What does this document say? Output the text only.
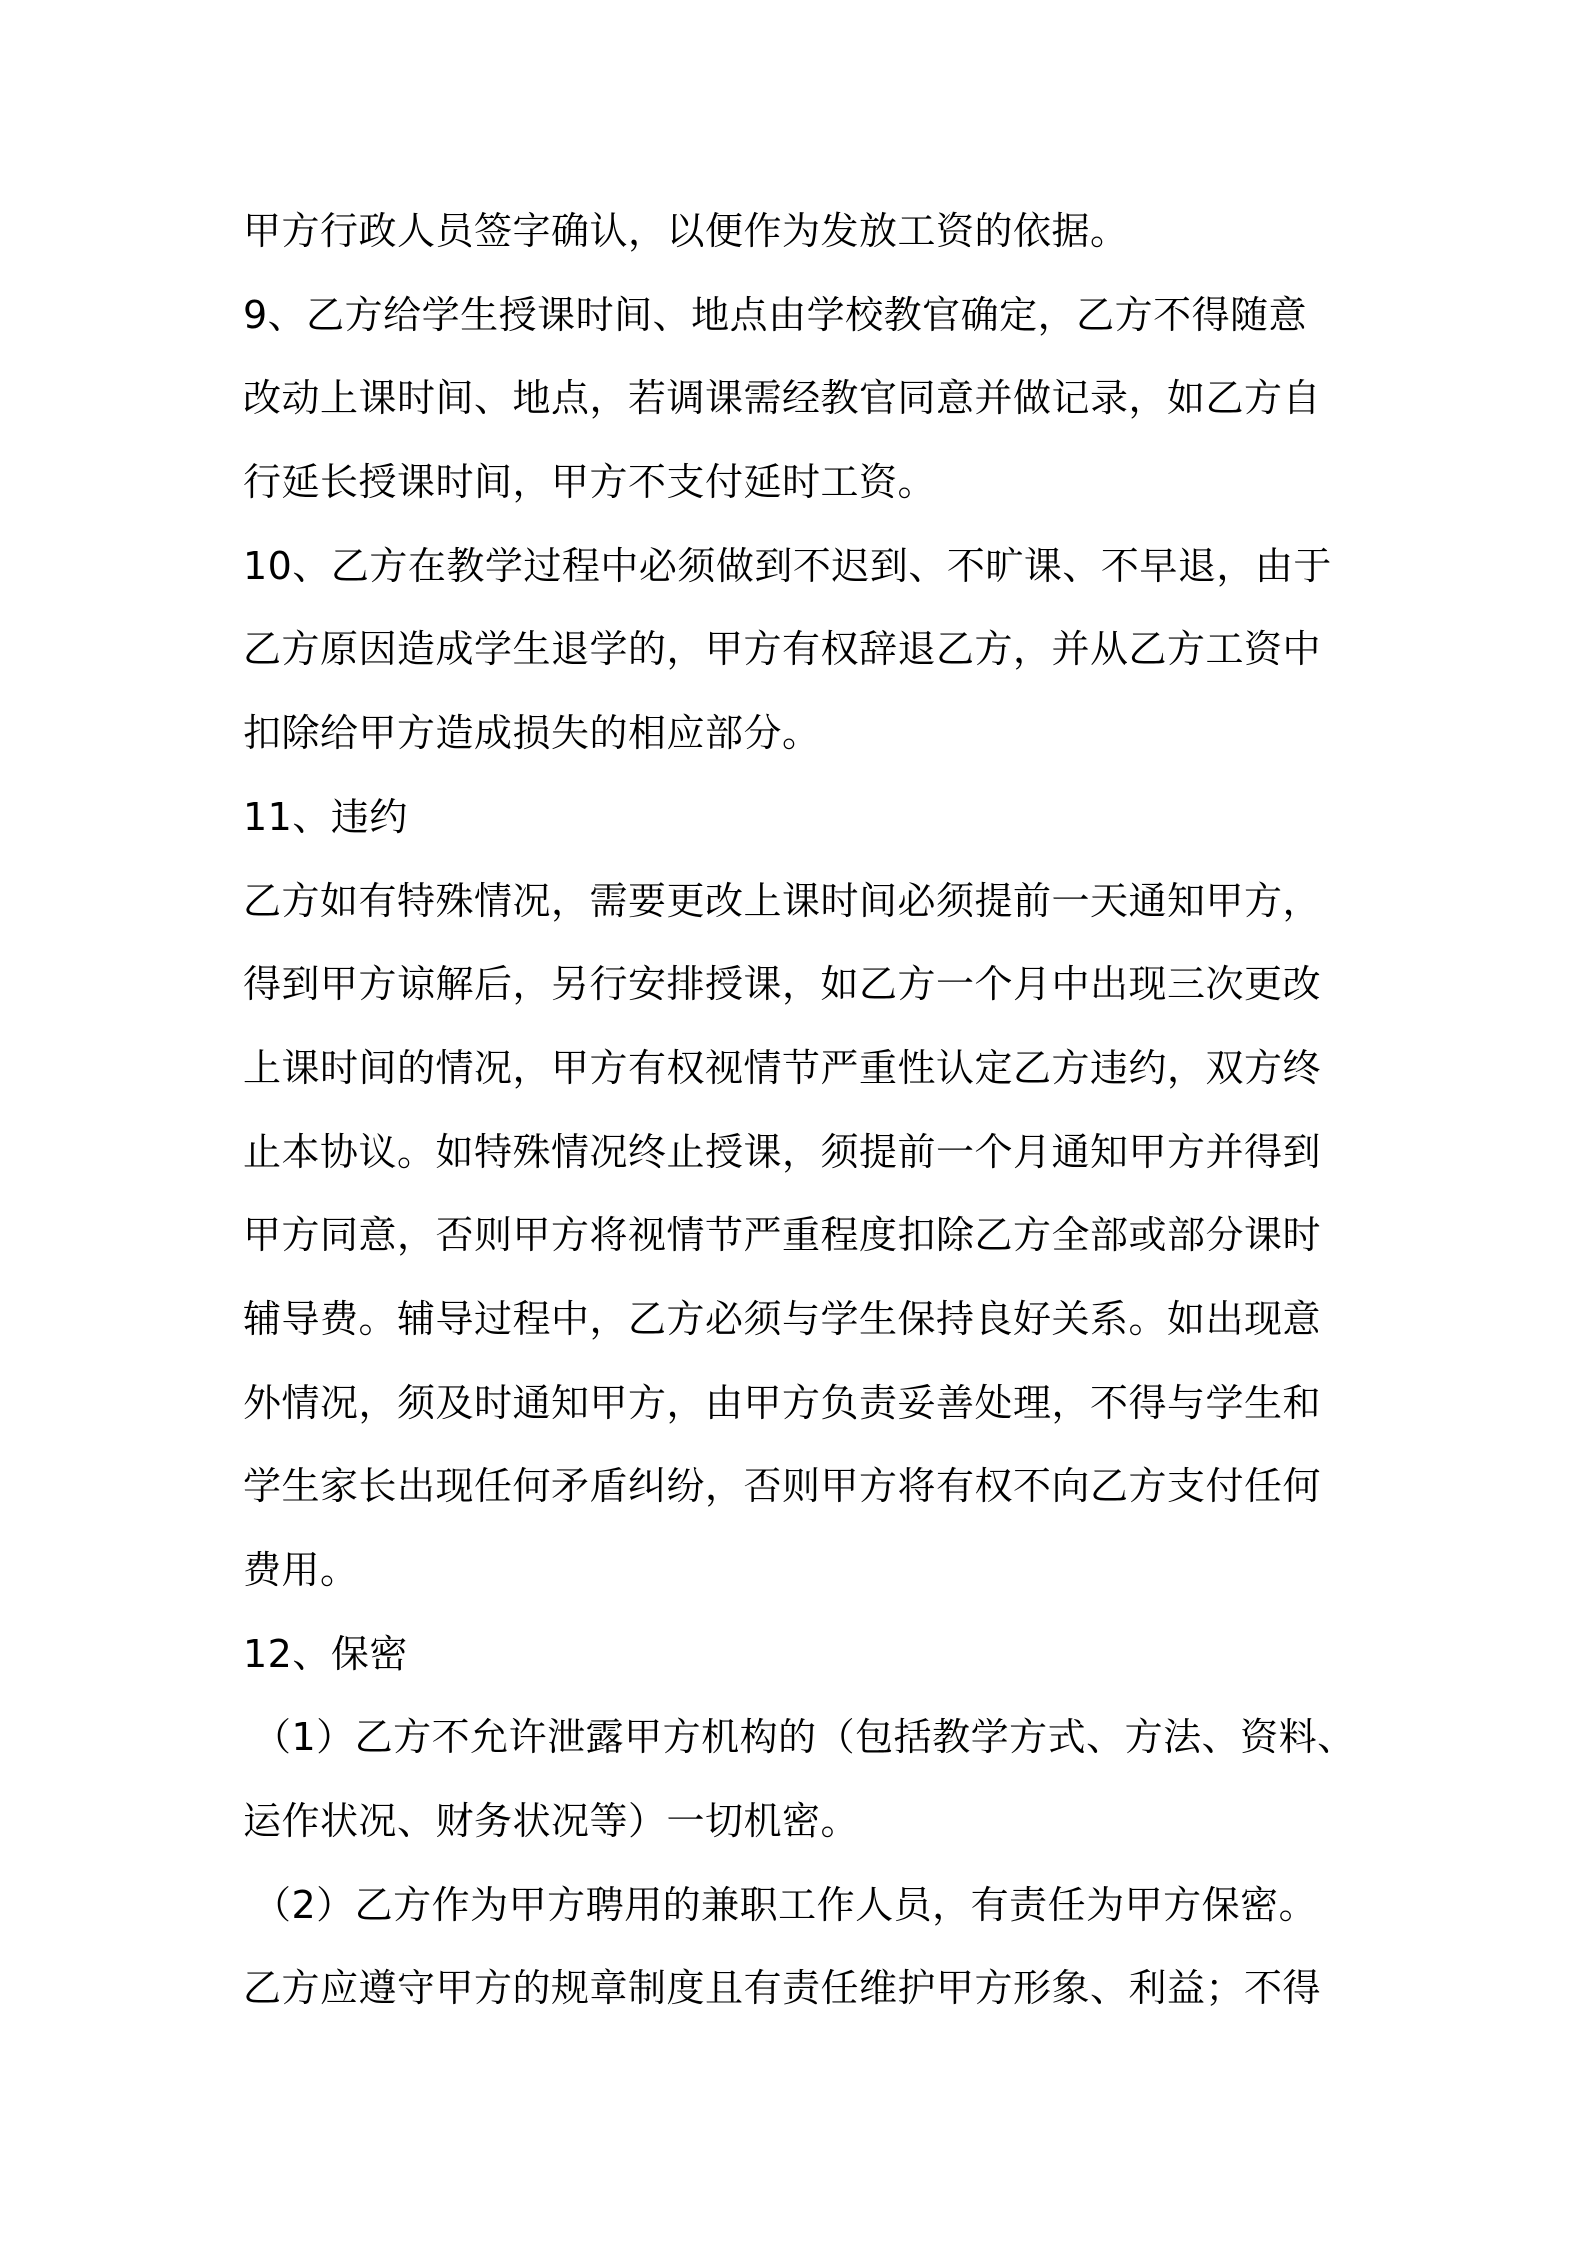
甲方行政人员签字确认，以便作为发放工资的依据。
9、乙方给学生授课时间、地点由学校教官确定，乙方不得随意
改动上课时间、地点，若调课需经教官同意并做记录，如乙方自
行延长授课时间，甲方不支付延时工资。
10、乙方在教学过程中必须做到不迟到、不旷课、不早退，由于
乙方原因造成学生退学的，甲方有权辞退乙方，并从乙方工资中
扣除给甲方造成损失的相应部分。
11、违约
乙方如有特殊情况，需要更改上课时间必须提前一天通知甲方，
得到甲方谅解后，另行安排授课，如乙方一个月中出现三次更改
上课时间的情况，甲方有权视情节严重性认定乙方违约，双方终
止本协议。如特殊情况终止授课，须提前一个月通知甲方并得到
甲方同意，否则甲方将视情节严重程度扣除乙方全部或部分课时
辅导费。辅导过程中，乙方必须与学生保持良好关系。如出现意
外情况，须及时通知甲方，由甲方负责妥善处理，不得与学生和
学生家长出现任何矛盾纠纷，否则甲方将有权不向乙方支付任何
费用。
12、保密
（1）乙方不允许泄露甲方机构的（包括教学方式、方法、资料、
运作状况、财务状况等）一切机密。
（2）乙方作为甲方聘用的兼职工作人员，有责任为甲方保密。
乙方应遵守甲方的规章制度且有责任维护甲方形象、利益；不得
